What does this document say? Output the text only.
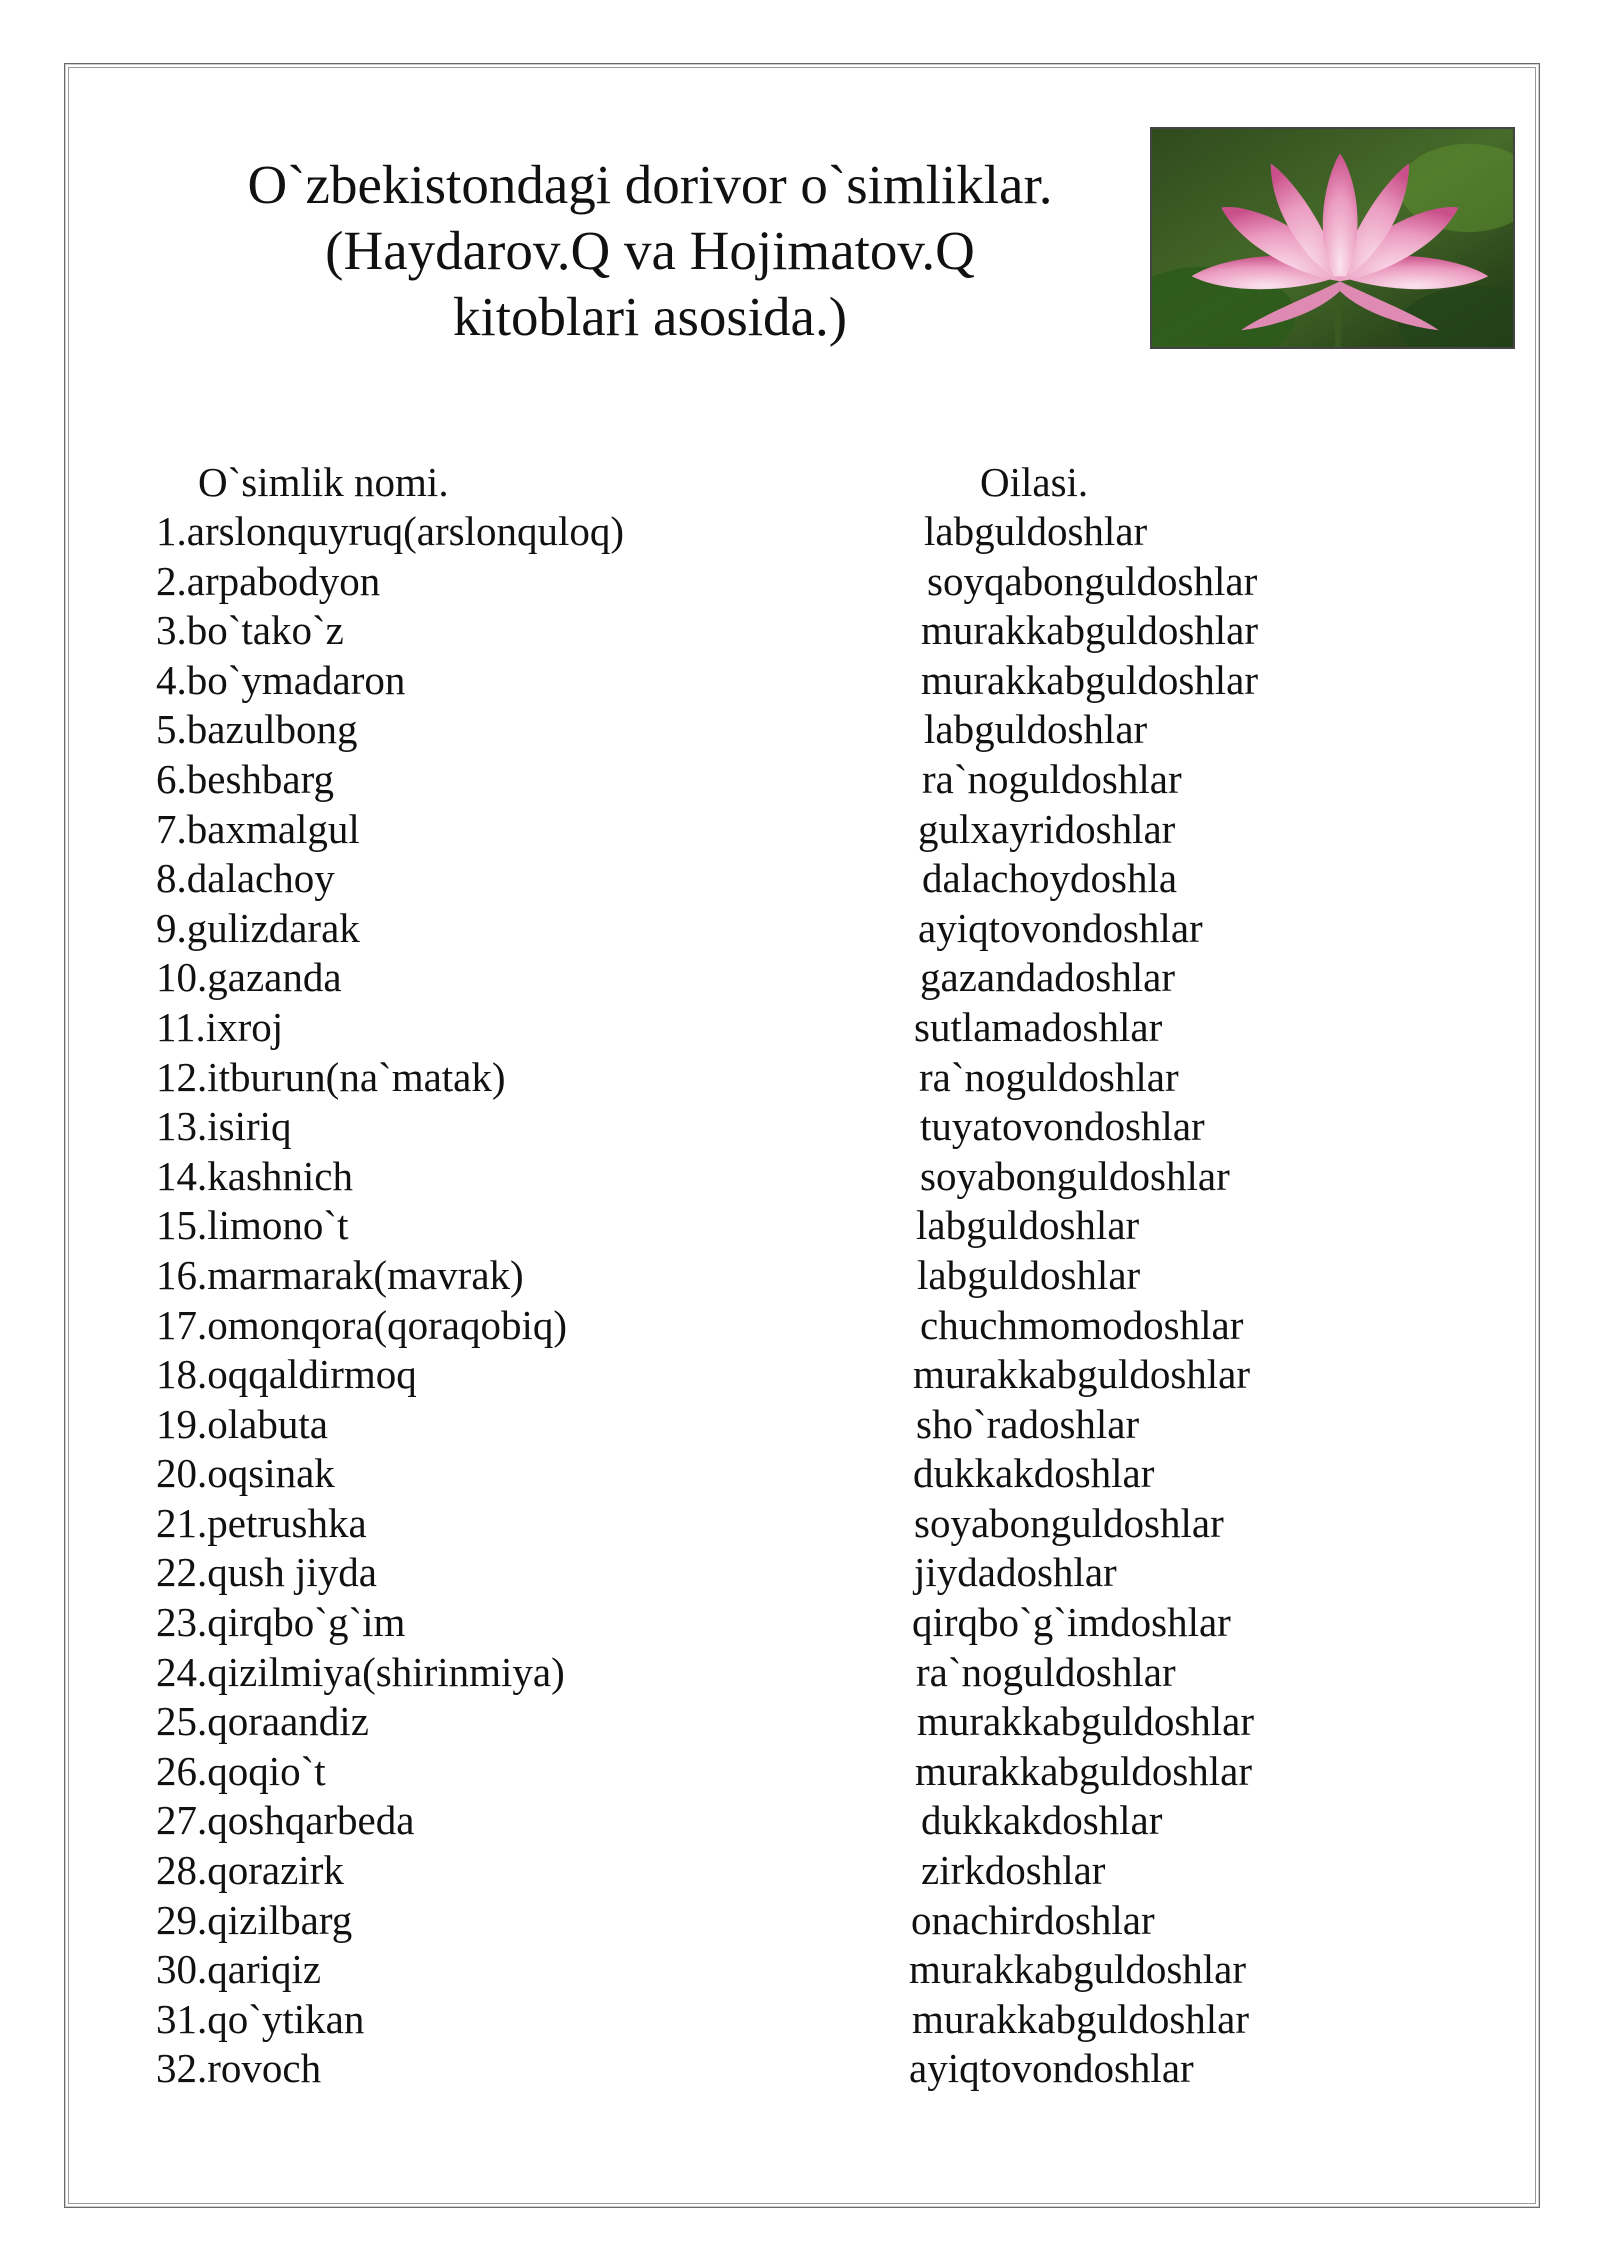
O`zbekistondagi dorivor o`simliklar.
(Haydarov.Q va Hojimatov.Q
kitoblari asosida.)

O`simlik nomi.	Oilasi.

1.arslonquyruq(arslonquloq)	labguldoshlar
2.arpabodyon	soyqabonguldoshlar
3.bo`tako`z	murakkabguldoshlar
4.bo`ymadaron	murakkabguldoshlar
5.bazulbong	labguldoshlar
6.beshbarg	ra`noguldoshlar
7.baxmalgul	gulxayridoshlar
8.dalachoy	dalachoydoshla
9.gulizdarak	ayiqtovondoshlar
10.gazanda	gazandadoshlar
11.ixroj	sutlamadoshlar
12.itburun(na`matak)	ra`noguldoshlar
13.isiriq	tuyatovondoshlar
14.kashnich	soyabonguldoshlar
15.limono`t	labguldoshlar
16.marmarak(mavrak)	labguldoshlar
17.omonqora(qoraqobiq)	chuchmomodoshlar
18.oqqaldirmoq	murakkabguldoshlar
19.olabuta	sho`radoshlar
20.oqsinak	dukkakdoshlar
21.petrushka	soyabonguldoshlar
22.qush jiyda	jiydadoshlar
23.qirqbo`g`im	qirqbo`g`imdoshlar
24.qizilmiya(shirinmiya)	ra`noguldoshlar
25.qoraandiz	murakkabguldoshlar
26.qoqio`t	murakkabguldoshlar
27.qoshqarbeda	dukkakdoshlar
28.qorazirk	zirkdoshlar
29.qizilbarg	onachirdoshlar
30.qariqiz	murakkabguldoshlar
31.qo`ytikan	murakkabguldoshlar
32.rovoch	ayiqtovondoshlar
